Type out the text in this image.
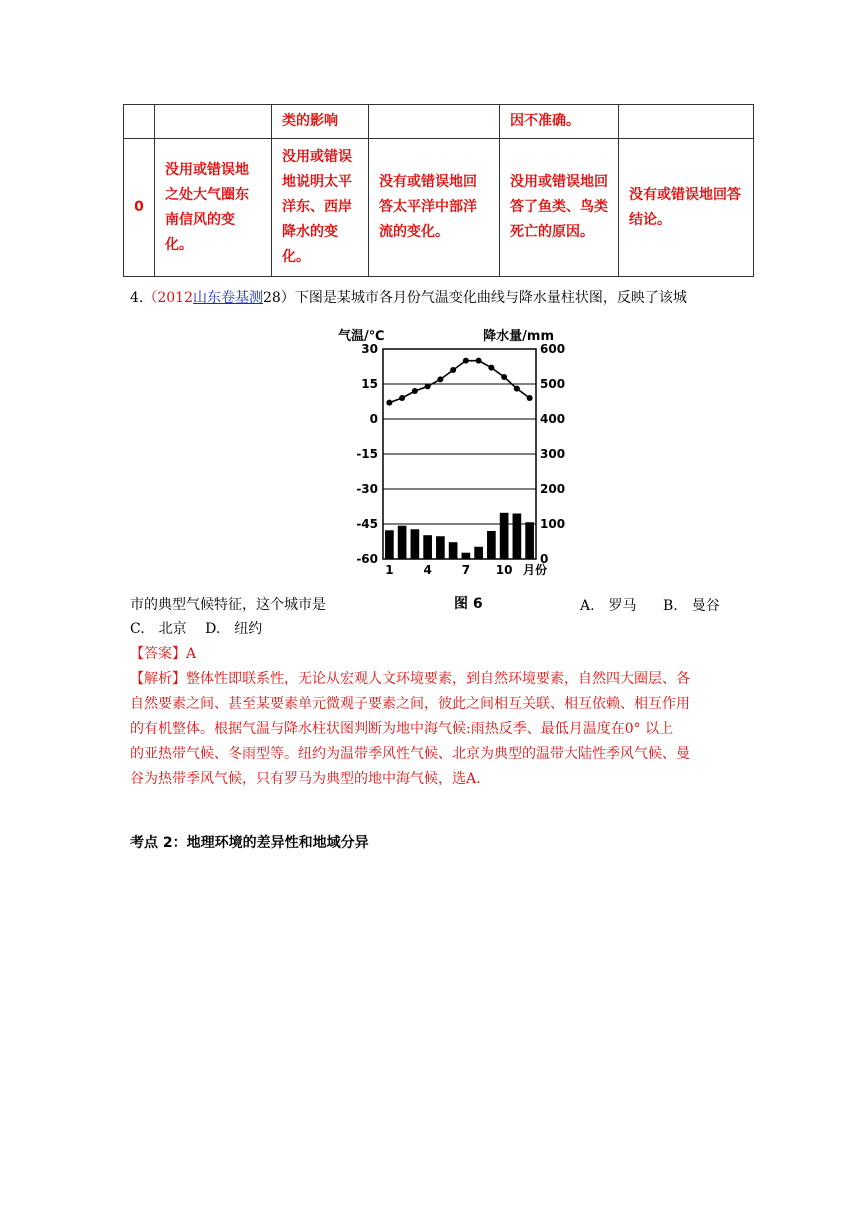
		类的影响		因不准确。	
0	没用或错误地之处大气圈东南信风的变化。	没用或错误地说明太平洋东、西岸降水的变化。	没有或错误地回答太平洋中部洋流的变化。	没用或错误地回答了鱼类、鸟类死亡的原因。	没有或错误地回答结论。
4.（2012山东卷基测28）下图是某城市各月份气温变化曲线与降水量柱状图，反映了该城
30
15
0
-15
-30
-45
-60
600
500
400
300
200
100
0
气温/℃	降水量/mm
1 4 7 10 月份
市的典型气候特征，这个城市是	图 6	A.　罗马 B.　曼谷
C.　北京 D.　纽约
【答案】A
【解析】整体性即联系性，无论从宏观人文环境要素，到自然环境要素，自然四大圈层、各
自然要素之间、甚至某要素单元微观子要素之间，彼此之间相互关联、相互依赖、相互作用
的有机整体。根据气温与降水柱状图判断为地中海气候:雨热反季、最低月温度在0° 以上
的亚热带气候、冬雨型等。纽约为温带季风性气候、北京为典型的温带大陆性季风气候、曼
谷为热带季风气候，只有罗马为典型的地中海气候，选A.
考点 2：地理环境的差异性和地域分异
